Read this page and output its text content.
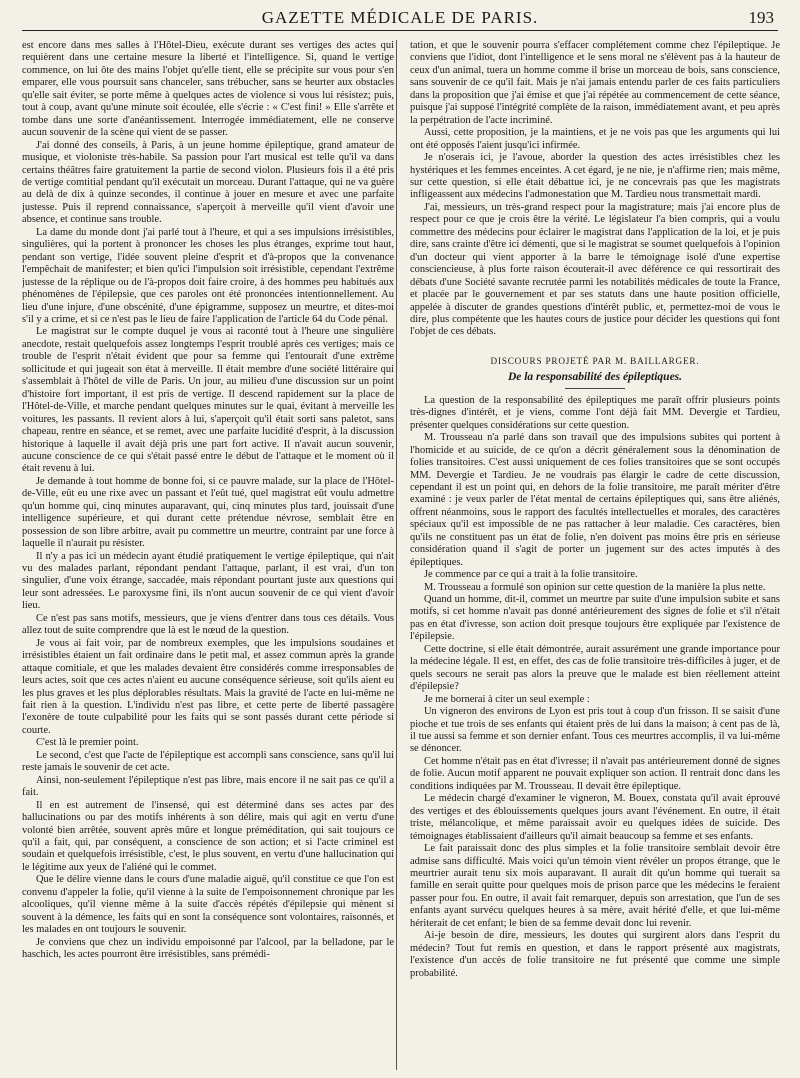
GAZETTE MÉDICALE DE PARIS.	193

est encore dans mes salles à l'Hôtel-Dieu, exécute durant ses vertiges des actes qui requièrent dans une certaine mesure la liberté et l'intelligence. Si, quand le vertige commence, on lui ôte des mains l'objet qu'elle tient, elle se précipite sur vous pour s'en emparer, elle vous poursuit sans chanceler, sans trébucher, sans se heurter aux obstacles qu'elle sait éviter, se porte même à quelques actes de violence si vous lui résistez; puis, tout à coup, avant qu'une minute soit écoulée, elle s'écrie : « C'est fini! » Elle s'arrête et tombe dans une sorte d'anéantissement. Interrogée immédiatement, elle ne conserve aucun souvenir de la scène qui vient de se passer.

J'ai donné des conseils, à Paris, à un jeune homme épileptique, grand amateur de musique, et violoniste très-habile. Sa passion pour l'art musical est telle qu'il va dans certains théâtres faire gratuitement la partie de second violon. Plusieurs fois il a été pris de vertige comtitial pendant qu'il exécutait un morceau. Durant l'attaque, qui ne va guère au delà de dix à quinze secondes, il continue à jouer en mesure et avec une parfaite justesse. Puis il reprend connaissance, s'aperçoit à merveille qu'il vient d'avoir une absence, et continue sans trouble.

La dame du monde dont j'ai parlé tout à l'heure, et qui a ses impulsions irrésistibles, singulières, qui la portent à prononcer les choses les plus étranges, exprime tout haut, pendant son vertige, l'idée souvent pleine d'esprit et d'à-propos que la convenance l'empêchait de manifester; et bien qu'ici l'impulsion soit irrésistible, cependant l'extrême justesse de la réplique ou de l'à-propos doit faire croire, à des hommes peu habitués aux phénomènes de l'épilepsie, que ces paroles ont été prononcées intentionnellement. Au lieu d'une injure, d'une obscénité, d'une épigramme, supposez un meurtre, et dites-moi s'il y a crime, et si ce n'est pas le lieu de faire l'application de l'article 64 du Code pénal.

Le magistrat sur le compte duquel je vous ai raconté tout à l'heure une singulière anecdote, restait quelquefois assez longtemps l'esprit troublé après ces vertiges; mais ce trouble de l'esprit n'était évident que pour sa femme qui l'entourait d'une extrême sollicitude et qui jugeait son état à merveille. Il était membre d'une société littéraire qui s'assemblait à l'hôtel de ville de Paris. Un jour, au milieu d'une discussion sur un point d'histoire fort important, il est pris de vertige. Il descend rapidement sur la place de l'Hôtel-de-Ville, et marche pendant quelques minutes sur le quai, évitant à merveille les voitures, les passants. Il revient alors à lui, s'aperçoit qu'il était sorti sans paletot, sans chapeau, rentre en séance, et se remet, avec une parfaite lucidité d'esprit, à la discussion historique à laquelle il avait déjà pris une part fort active. Il n'avait aucun souvenir, aucune conscience de ce qui s'était passé entre le début de l'attaque et le moment où il était revenu à lui.

Je demande à tout homme de bonne foi, si ce pauvre malade, sur la place de l'Hôtel-de-Ville, eût eu une rixe avec un passant et l'eût tué, quel magistrat eût voulu admettre qu'un homme qui, cinq minutes auparavant, qui, cinq minutes plus tard, jouissait d'une intelligence supérieure, et qui durant cette prétendue névrose, semblait être en possession de son libre arbitre, avait pu commettre un meurtre, contraint par une force à laquelle il n'aurait pu résister.

Il n'y a pas ici un médecin ayant étudié pratiquement le vertige épileptique, qui n'ait vu des malades parlant, répondant pendant l'attaque, parlant, il est vrai, d'un ton singulier, d'une voix étrange, saccadée, mais répondant pourtant juste aux questions qui leur sont adressées. Le paroxysme fini, ils n'ont aucun souvenir de ce qui vient d'avoir lieu.

Ce n'est pas sans motifs, messieurs, que je viens d'entrer dans tous ces détails. Vous allez tout de suite comprendre que là est le nœud de la question.

Je vous ai fait voir, par de nombreux exemples, que les impulsions soudaines et irrésistibles étaient un fait ordinaire dans le petit mal, et assez commun après la grande attaque comitiale, et que les malades devaient être considérés comme irresponsables de leurs actes, soit que ces actes n'aient eu aucune conséquence sérieuse, soit qu'ils aient eu les plus graves et les plus déplorables résultats. Mais la gravité de l'acte en lui-même ne fait rien à la question. L'individu n'est pas libre, et cette perte de liberté passagère l'exonère de toute culpabilité pour les faits qui se sont passés durant cette période si courte.

C'est là le premier point.

Le second, c'est que l'acte de l'épileptique est accompli sans conscience, sans qu'il lui reste jamais le souvenir de cet acte.

Ainsi, non-seulement l'épileptique n'est pas libre, mais encore il ne sait pas ce qu'il a fait.

Il en est autrement de l'insensé, qui est déterminé dans ses actes par des hallucinations ou par des motifs inhérents à son délire, mais qui agit en vertu d'une volonté bien arrêtée, souvent après mûre et longue préméditation, qui sait toujours ce qu'il a fait, qui, par conséquent, a conscience de son action; et si l'acte criminel est soudain et quelquefois irrésistible, c'est, le plus souvent, en vertu d'une hallucination qui le légitime aux yeux de l'aliéné qui le commet.

Que le délire vienne dans le cours d'une maladie aiguë, qu'il constitue ce que l'on est convenu d'appeler la folie, qu'il vienne à la suite de l'empoisonnement chronique par les alcooliques, qu'il vienne même à la suite d'accès répétés d'épilepsie qui mènent si souvent à la démence, les faits qui en sont la conséquence sont volontaires, raisonnés, et les malades en ont toujours le souvenir.

Je conviens que chez un individu empoisonné par l'alcool, par la belladone, par le haschich, les actes pourront être irrésistibles, sans prémédi-

tation, et que le souvenir pourra s'effacer complétement comme chez l'épileptique. Je conviens que l'idiot, dont l'intelligence et le sens moral ne s'élèvent pas à la hauteur de ceux d'un animal, tuera un homme comme il brise un morceau de bois, sans conscience, sans souvenir de ce qu'il fait. Mais je n'ai jamais entendu parler de ces faits particuliers dans la proposition que j'ai émise et que j'ai répétée au commencement de cette séance, puisque j'ai supposé l'intégrité complète de la raison, immédiatement avant, et peu après la perpétration de l'acte incriminé.

Aussi, cette proposition, je la maintiens, et je ne vois pas que les arguments qui lui ont été opposés l'aient jusqu'ici infirmée.

Je n'oserais ici, je l'avoue, aborder la question des actes irrésistibles chez les hystériques et les femmes enceintes. A cet égard, je ne nie, je n'affirme rien; mais même, sur cette question, si elle était débattue ici, je ne concevrais pas que les magistrats infligeassent aux médecins l'admonestation que M. Tardieu nous transmettait mardi.

J'ai, messieurs, un très-grand respect pour la magistrature; mais j'ai encore plus de respect pour ce que je crois être la vérité. Le législateur l'a bien compris, qui a voulu commettre des médecins pour éclairer le magistrat dans l'application de la loi, et je puis dire, sans crainte d'être ici démenti, que si le magistrat se soumet quelquefois à l'opinion d'un docteur qui vient apporter à la barre le témoignage isolé d'une expertise consciencieuse, à plus forte raison écouterait-il avec déférence ce qui ressortirait des débats d'une Société savante recrutée parmi les notabilités médicales de toute la France, et placée par le gouvernement et par ses statuts dans une haute position officielle, appelée à discuter de grandes questions d'intérêt public, et, permettez-moi de vous le dire, plus compétente que les hautes cours de justice pour décider les questions qui font l'objet de ces débats.

DISCOURS PROJETÉ PAR M. BAILLARGER.
De la responsabilité des épileptiques.

La question de la responsabilité des épileptiques me paraît offrir plusieurs points très-dignes d'intérêt, et je viens, comme l'ont déjà fait MM. Devergie et Tardieu, présenter quelques considérations sur cette question.

M. Trousseau n'a parlé dans son travail que des impulsions subites qui portent à l'homicide et au suicide, de ce qu'on a décrit généralement sous la dénomination de folies transitoires. C'est aussi uniquement de ces folies transitoires que se sont occupés MM. Devergie et Tardieu. Je ne voudrais pas élargir le cadre de cette discussion, cependant il est un point qui, en dehors de la folie transitoire, me paraît mériter d'être examiné : je veux parler de l'état mental de certains épileptiques qui, sans être aliénés, offrent néanmoins, sous le rapport des facultés intellectuelles et morales, des caractères spéciaux qu'il est impossible de ne pas rattacher à leur maladie. Ces caractères, bien qu'ils ne constituent pas un état de folie, n'en doivent pas moins être pris en sérieuse considération quand il s'agit de porter un jugement sur des actes imputés à des épileptiques.

Je commence par ce qui a trait à la folie transitoire.

M. Trousseau a formulé son opinion sur cette question de la manière la plus nette.

Quand un homme, dit-il, commet un meurtre par suite d'une impulsion subite et sans motifs, si cet homme n'avait pas donné antérieurement des signes de folie et s'il n'était pas en état d'ivresse, son action doit presque toujours être expliquée par l'existence de l'épilepsie.

Cette doctrine, si elle était démontrée, aurait assurément une grande importance pour la médecine légale. Il est, en effet, des cas de folie transitoire très-difficiles à juger, et de quels secours ne serait pas alors la preuve que le malade est bien réellement atteint d'épilepsie?

Je me bornerai à citer un seul exemple :

Un vigneron des environs de Lyon est pris tout à coup d'un frisson. Il se saisit d'une pioche et tue trois de ses enfants qui étaient près de lui dans la maison; à cent pas de là, il tue aussi sa femme et son dernier enfant. Tous ces meurtres accomplis, il va lui-même se dénoncer.

Cet homme n'était pas en état d'ivresse; il n'avait pas antérieurement donné de signes de folie. Aucun motif apparent ne pouvait expliquer son action. Il rentrait donc dans les conditions indiquées par M. Trousseau. Il devait être épileptique.

Le médecin chargé d'examiner le vigneron, M. Bouex, constata qu'il avait éprouvé des vertiges et des éblouissements quelques jours avant l'événement. En outre, il était triste, mélancolique, et même paraissait avoir eu quelques idées de suicide. Des témoignages établissaient d'ailleurs qu'il aimait beaucoup sa femme et ses enfants.

Le fait paraissait donc des plus simples et la folie transitoire semblait devoir être admise sans difficulté. Mais voici qu'un témoin vient révéler un propos étrange, que le meurtrier aurait tenu six mois auparavant. Il aurait dit qu'un homme qui tuerait sa famille en serait quitte pour quelques mois de prison parce que les médecins le feraient passer pour fou. En outre, il avait fait remarquer, depuis son arrestation, que l'un de ses enfants ayant survécu quelques heures à sa mère, avait hérité d'elle, et que lui-même hériterait de cet enfant; le bien de sa femme devait donc lui revenir.

Ai-je besoin de dire, messieurs, les doutes qui surgirent alors dans l'esprit du médecin? Tout fut remis en question, et dans le rapport présenté aux magistrats, l'existence d'un accès de folie transitoire ne fut présenté que comme une simple probabilité.
